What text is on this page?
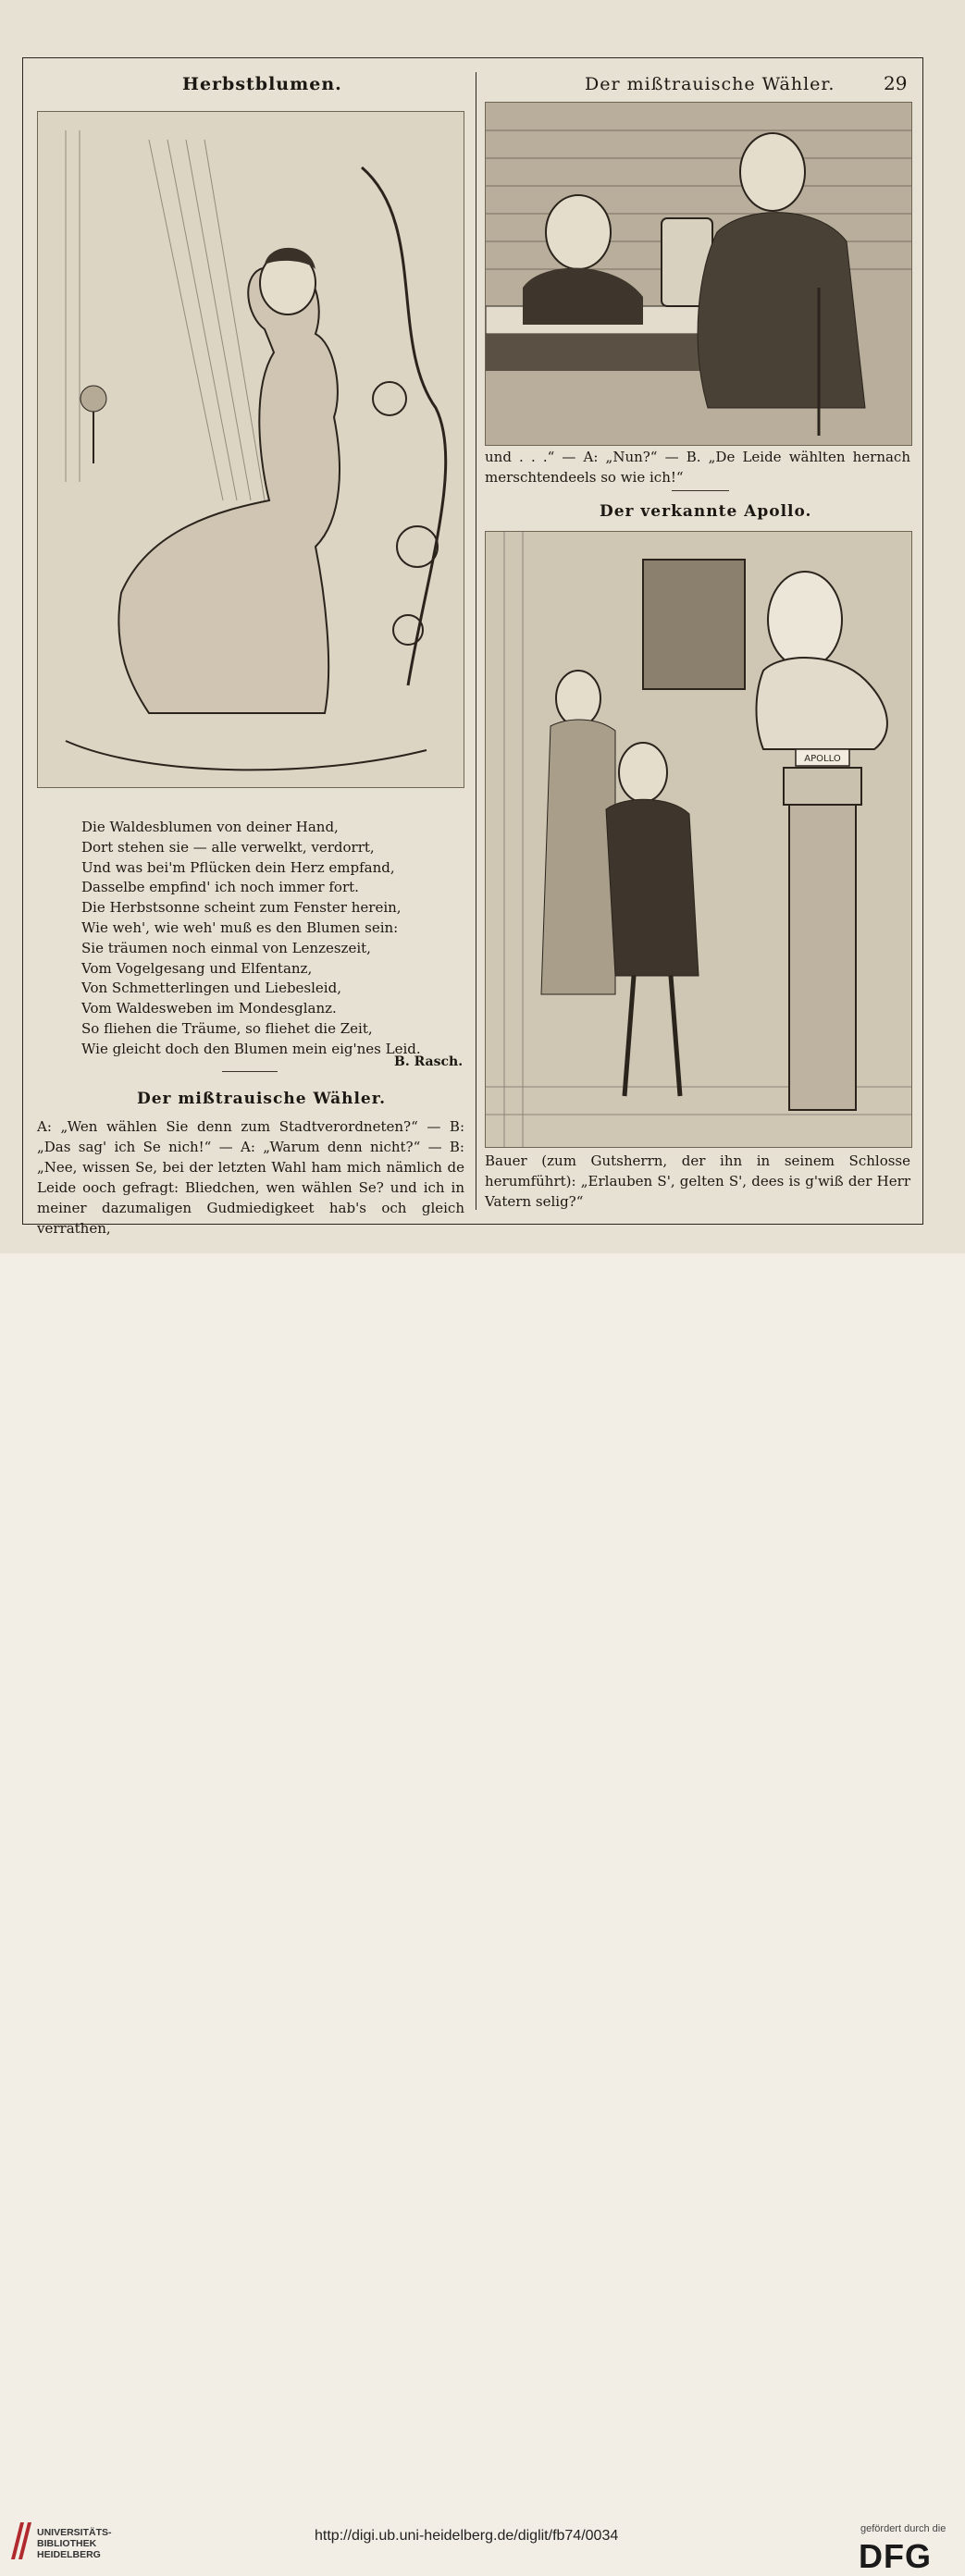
Herbstblumen.	Der mißtrauische Wähler.	29
Die Waldesblumen von deiner Hand,
Dort stehen sie — alle verwelkt, verdorrt,
Und was bei'm Pflücken dein Herz empfand,
Dasselbe empfind' ich noch immer fort.
Die Herbstsonne scheint zum Fenster herein,
Wie weh', wie weh' muß es den Blumen sein:
Sie träumen noch einmal von Lenzeszeit,
Vom Vogelgesang und Elfentanz,
Von Schmetterlingen und Liebesleid,
Vom Waldesweben im Mondesglanz.
So fliehen die Träume, so fliehet die Zeit,
Wie gleicht doch den Blumen mein eig'nes Leid.
B. Rasch.
Der mißtrauische Wähler.
A: „Wen wählen Sie denn zum Stadtverordneten?“ — B: „Das sag' ich Se nich!“ — A: „Warum denn nicht?“ — B: „Nee, wissen Se, bei der letzten Wahl ham mich nämlich de Leide ooch gefragt: Bliedchen, wen wählen Se? und ich in meiner dazumaligen Gudmiedigkeet hab's och gleich verrathen,
und . . .“ — A: „Nun?“ — B. „De Leide wählten hernach merschtendeels so wie ich!“
Der verkannte Apollo.
APOLLO
Bauer (zum Gutsherrn, der ihn in seinem Schlosse herumführt): „Erlauben S', gelten S', dees is g'wiß der Herr Vatern selig?“
UNIVERSITÄTS-
BIBLIOTHEK
HEIDELBERG
http://digi.ub.uni-heidelberg.de/diglit/fb74/0034	gefördert durch die
DFG
